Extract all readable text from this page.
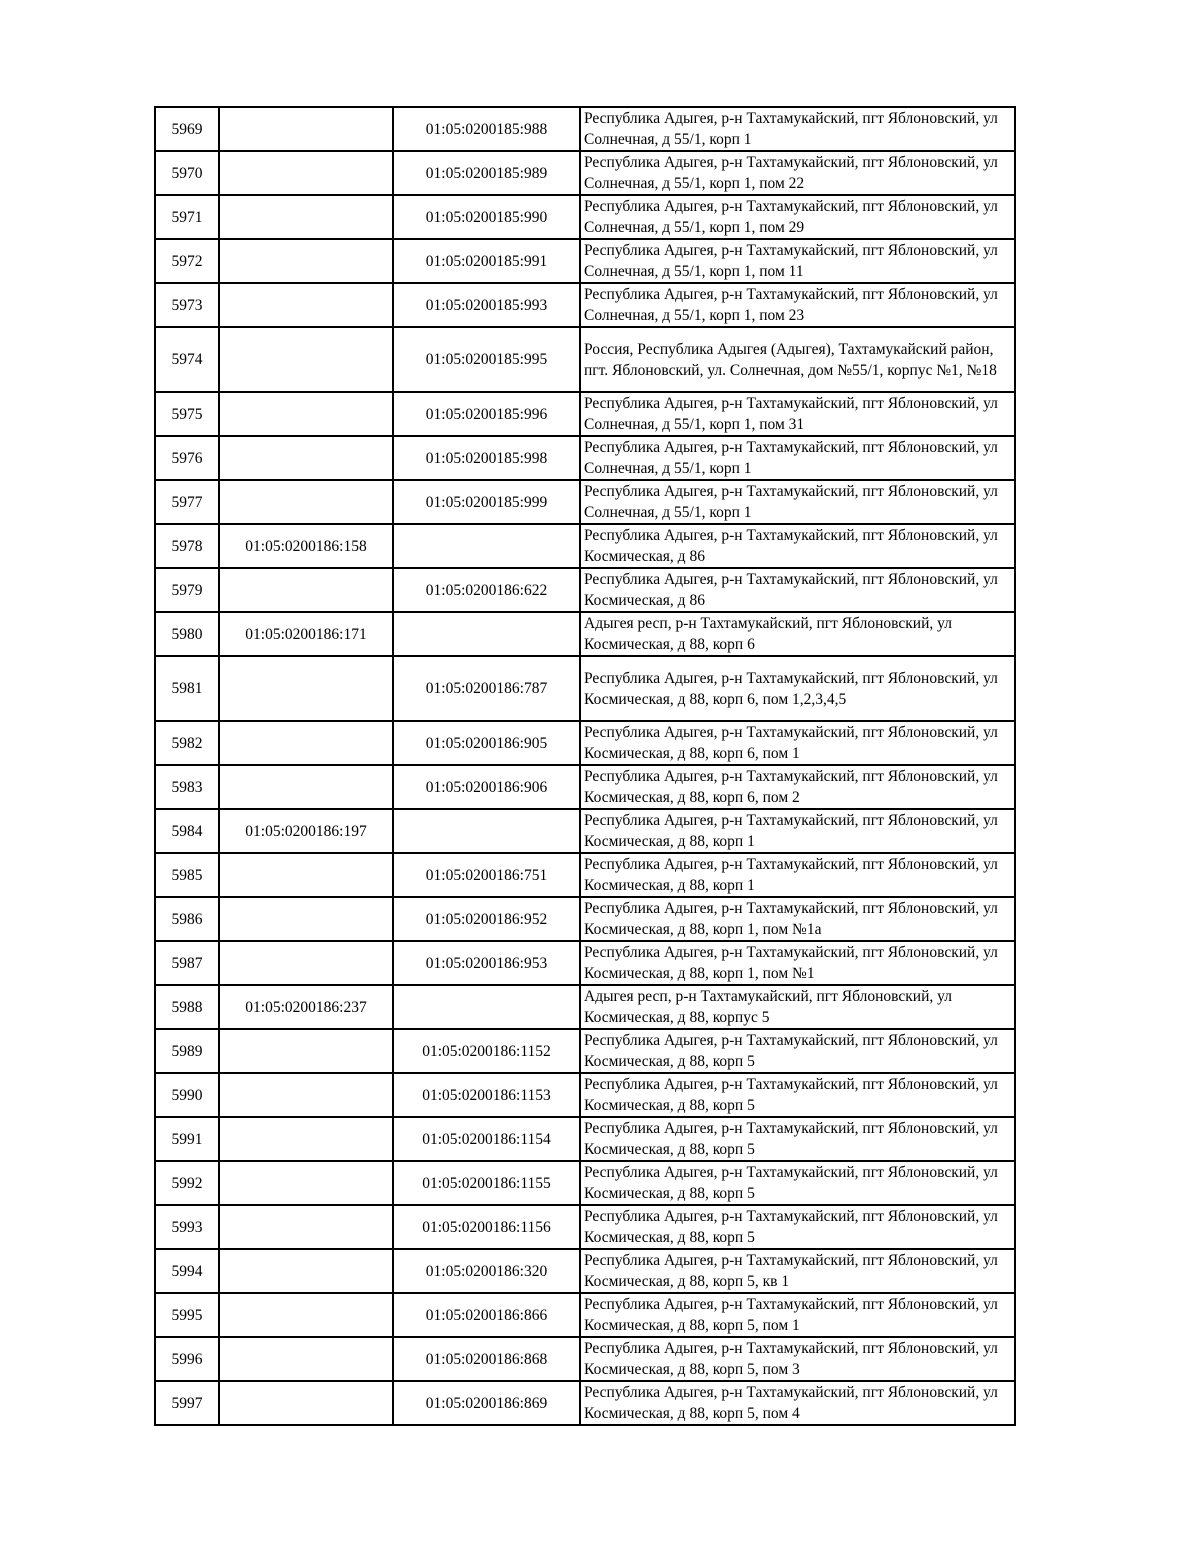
5969		01:05:0200185:988	Республика Адыгея, р-н Тахтамукайский, пгт Яблоновский, ул Солнечная, д 55/1, корп 1
5970		01:05:0200185:989	Республика Адыгея, р-н Тахтамукайский, пгт Яблоновский, ул Солнечная, д 55/1, корп 1, пом 22
5971		01:05:0200185:990	Республика Адыгея, р-н Тахтамукайский, пгт Яблоновский, ул Солнечная, д 55/1, корп 1, пом 29
5972		01:05:0200185:991	Республика Адыгея, р-н Тахтамукайский, пгт Яблоновский, ул Солнечная, д 55/1, корп 1, пом 11
5973		01:05:0200185:993	Республика Адыгея, р-н Тахтамукайский, пгт Яблоновский, ул Солнечная, д 55/1, корп 1, пом 23
5974		01:05:0200185:995	Россия, Республика Адыгея (Адыгея), Тахтамукайский район, пгт. Яблоновский, ул. Солнечная, дом №55/1, корпус №1, №18
5975		01:05:0200185:996	Республика Адыгея, р-н Тахтамукайский, пгт Яблоновский, ул Солнечная, д 55/1, корп 1, пом 31
5976		01:05:0200185:998	Республика Адыгея, р-н Тахтамукайский, пгт Яблоновский, ул Солнечная, д 55/1, корп 1
5977		01:05:0200185:999	Республика Адыгея, р-н Тахтамукайский, пгт Яблоновский, ул Солнечная, д 55/1, корп 1
5978	01:05:0200186:158		Республика Адыгея, р-н Тахтамукайский, пгт Яблоновский, ул Космическая, д 86
5979		01:05:0200186:622	Республика Адыгея, р-н Тахтамукайский, пгт Яблоновский, ул Космическая, д 86
5980	01:05:0200186:171		Адыгея респ, р-н Тахтамукайский, пгт Яблоновский, ул Космическая, д 88, корп 6
5981		01:05:0200186:787	Республика Адыгея, р-н Тахтамукайский, пгт Яблоновский, ул Космическая, д 88, корп 6, пом 1,2,3,4,5
5982		01:05:0200186:905	Республика Адыгея, р-н Тахтамукайский, пгт Яблоновский, ул Космическая, д 88, корп 6, пом 1
5983		01:05:0200186:906	Республика Адыгея, р-н Тахтамукайский, пгт Яблоновский, ул Космическая, д 88, корп 6, пом 2
5984	01:05:0200186:197		Республика Адыгея, р-н Тахтамукайский, пгт Яблоновский, ул Космическая, д 88, корп 1
5985		01:05:0200186:751	Республика Адыгея, р-н Тахтамукайский, пгт Яблоновский, ул Космическая, д 88, корп 1
5986		01:05:0200186:952	Республика Адыгея, р-н Тахтамукайский, пгт Яблоновский, ул Космическая, д 88, корп 1, пом №1а
5987		01:05:0200186:953	Республика Адыгея, р-н Тахтамукайский, пгт Яблоновский, ул Космическая, д 88, корп 1, пом №1
5988	01:05:0200186:237		Адыгея респ, р-н Тахтамукайский, пгт Яблоновский, ул Космическая, д 88, корпус 5
5989		01:05:0200186:1152	Республика Адыгея, р-н Тахтамукайский, пгт Яблоновский, ул Космическая, д 88, корп 5
5990		01:05:0200186:1153	Республика Адыгея, р-н Тахтамукайский, пгт Яблоновский, ул Космическая, д 88, корп 5
5991		01:05:0200186:1154	Республика Адыгея, р-н Тахтамукайский, пгт Яблоновский, ул Космическая, д 88, корп 5
5992		01:05:0200186:1155	Республика Адыгея, р-н Тахтамукайский, пгт Яблоновский, ул Космическая, д 88, корп 5
5993		01:05:0200186:1156	Республика Адыгея, р-н Тахтамукайский, пгт Яблоновский, ул Космическая, д 88, корп 5
5994		01:05:0200186:320	Республика Адыгея, р-н Тахтамукайский, пгт Яблоновский, ул Космическая, д 88, корп 5, кв 1
5995		01:05:0200186:866	Республика Адыгея, р-н Тахтамукайский, пгт Яблоновский, ул Космическая, д 88, корп 5, пом 1
5996		01:05:0200186:868	Республика Адыгея, р-н Тахтамукайский, пгт Яблоновский, ул Космическая, д 88, корп 5, пом 3
5997		01:05:0200186:869	Республика Адыгея, р-н Тахтамукайский, пгт Яблоновский, ул Космическая, д 88, корп 5, пом 4
